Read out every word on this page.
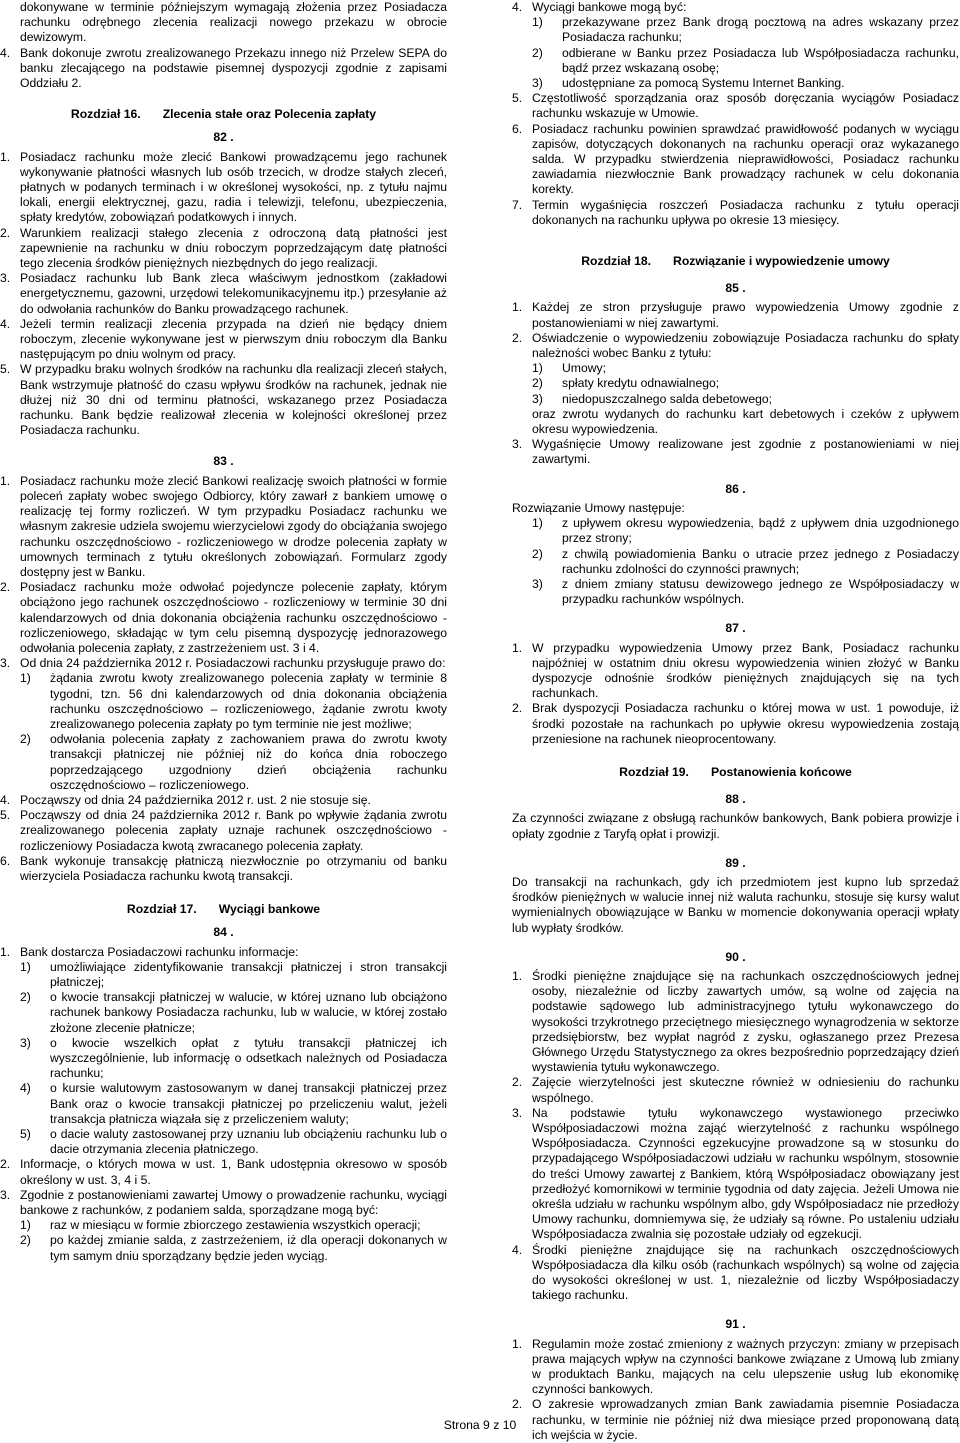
dokonywane w terminie późniejszym wymagają złożenia przez Posiadacza rachunku odrębnego zlecenia realizacji nowego przekazu w obrocie dewizowym.
4. Bank dokonuje zwrotu zrealizowanego Przekazu innego niż Przelew SEPA do banku zlecającego na podstawie pisemnej dyspozycji zgodnie z zapisami Oddziału 2.
Rozdział 16. Zlecenia stałe oraz Polecenia zapłaty
82 .
1. Posiadacz rachunku może zlecić Bankowi prowadzącemu jego rachunek wykonywanie płatności własnych lub osób trzecich, w drodze stałych zleceń, płatnych w podanych terminach i w określonej wysokości, np. z tytułu najmu lokali, energii elektrycznej, gazu, radia i telewizji, telefonu, ubezpieczenia, spłaty kredytów, zobowiązań podatkowych i innych.
2. Warunkiem realizacji stałego zlecenia z odroczoną datą płatności jest zapewnienie na rachunku w dniu roboczym poprzedzającym datę płatności tego zlecenia środków pieniężnych niezbędnych do jego realizacji.
3. Posiadacz rachunku lub Bank zleca właściwym jednostkom (zakładowi energetycznemu, gazowni, urzędowi telekomunikacyjnemu itp.) przesyłanie aż do odwołania rachunków do Banku prowadzącego rachunek.
4. Jeżeli termin realizacji zlecenia przypada na dzień nie będący dniem roboczym, zlecenie wykonywane jest w pierwszym dniu roboczym dla Banku następującym po dniu wolnym od pracy.
5. W przypadku braku wolnych środków na rachunku dla realizacji zleceń stałych, Bank wstrzymuje płatność do czasu wpływu środków na rachunek, jednak nie dłużej niż 30 dni od terminu płatności, wskazanego przez Posiadacza rachunku. Bank będzie realizował zlecenia w kolejności określonej przez Posiadacza rachunku.
83 .
1. Posiadacz rachunku może zlecić Bankowi realizację swoich płatności w formie poleceń zapłaty wobec swojego Odbiorcy, który zawarł z bankiem umowę o realizację tej formy rozliczeń. W tym przypadku Posiadacz rachunku we własnym zakresie udziela swojemu wierzycielowi zgody do obciążania swojego rachunku oszczędnościowo - rozliczeniowego w drodze polecenia zapłaty w umownych terminach z tytułu określonych zobowiązań. Formularz zgody dostępny jest w Banku.
2. Posiadacz rachunku może odwołać pojedyncze polecenie zapłaty, którym obciążono jego rachunek oszczędnościowo - rozliczeniowy w terminie 30 dni kalendarzowych od dnia dokonania obciążenia rachunku oszczędnościowo - rozliczeniowego, składając w tym celu pisemną dyspozycję jednorazowego odwołania polecenia zapłaty, z zastrzeżeniem ust. 3 i 4.
3. Od dnia 24 października 2012 r. Posiadaczowi rachunku przysługuje prawo do:
1)	żądania zwrotu kwoty zrealizowanego polecenia zapłaty w terminie 8 tygodni, tzn. 56 dni kalendarzowych od dnia dokonania obciążenia rachunku oszczędnościowo – rozliczeniowego, żądanie zwrotu kwoty zrealizowanego polecenia zapłaty po tym terminie nie jest możliwe;
2)	odwołania polecenia zapłaty z zachowaniem prawa do zwrotu kwoty transakcji płatniczej nie później niż do końca dnia roboczego poprzedzającego uzgodniony dzień obciążenia rachunku oszczędnościowo – rozliczeniowego.
4. Począwszy od dnia 24 października 2012 r. ust. 2 nie stosuje się.
5. Począwszy od dnia 24 października 2012 r. Bank po wpływie żądania zwrotu zrealizowanego polecenia zapłaty uznaje rachunek oszczędnościowo - rozliczeniowy Posiadacza kwotą zwracanego polecenia zapłaty.
6. Bank wykonuje transakcję płatniczą niezwłocznie po otrzymaniu od banku wierzyciela Posiadacza rachunku kwotą transakcji.
Rozdział 17. Wyciągi bankowe
84 .
1. Bank dostarcza Posiadaczowi rachunku informacje:
1)	umożliwiające zidentyfikowanie transakcji płatniczej i stron transakcji płatniczej;
2)	o kwocie transakcji płatniczej w walucie, w której uznano lub obciążono rachunek bankowy Posiadacza rachunku, lub w walucie, w której zostało złożone zlecenie płatnicze;
3)	o kwocie wszelkich opłat z tytułu transakcji płatniczej ich wyszczególnienie, lub informację o odsetkach należnych od Posiadacza rachunku;
4)	o kursie walutowym zastosowanym w danej transakcji płatniczej przez Bank oraz o kwocie transakcji płatniczej po przeliczeniu walut, jeżeli transakcja płatnicza wiązała się z przeliczeniem waluty;
5)	o dacie waluty zastosowanej przy uznaniu lub obciążeniu rachunku lub o dacie otrzymania zlecenia płatniczego.
2. Informacje, o których mowa w ust. 1, Bank udostępnia okresowo w sposób określony w ust. 3, 4 i 5.
3. Zgodnie z postanowieniami zawartej Umowy o prowadzenie rachunku, wyciągi bankowe z rachunków, z podaniem salda, sporządzane mogą być:
1)	raz w miesiącu w formie zbiorczego zestawienia wszystkich operacji;
2)	po każdej zmianie salda, z zastrzeżeniem, iż dla operacji dokonanych w tym samym dniu sporządzany będzie jeden wyciąg.
4. Wyciągi bankowe mogą być:
1)	przekazywane przez Bank drogą pocztową na adres wskazany przez Posiadacza rachunku;
2)	odbierane w Banku przez Posiadacza lub Współposiadacza rachunku, bądź przez wskazaną osobę;
3)	udostępniane za pomocą Systemu Internet Banking.
5. Częstotliwość sporządzania oraz sposób doręczania wyciągów Posiadacz rachunku wskazuje w Umowie.
6. Posiadacz rachunku powinien sprawdzać prawidłowość podanych w wyciągu zapisów, dotyczących dokonanych na rachunku operacji oraz wykazanego salda. W przypadku stwierdzenia nieprawidłowości, Posiadacz rachunku zawiadamia niezwłocznie Bank prowadzący rachunek w celu dokonania korekty.
7. Termin wygaśnięcia roszczeń Posiadacza rachunku z tytułu operacji dokonanych na rachunku upływa po okresie 13 miesięcy.
Rozdział 18. Rozwiązanie i wypowiedzenie umowy
85 .
1. Każdej ze stron przysługuje prawo wypowiedzenia Umowy zgodnie z postanowieniami w niej zawartymi.
2. Oświadczenie o wypowiedzeniu zobowiązuje Posiadacza rachunku do spłaty należności wobec Banku z tytułu:
1)	Umowy;
2)	spłaty kredytu odnawialnego;
3)	niedopuszczalnego salda debetowego;
oraz zwrotu wydanych do rachunku kart debetowych i czeków z upływem okresu wypowiedzenia.
3. Wygaśnięcie Umowy realizowane jest zgodnie z postanowieniami w niej zawartymi.
86 .
Rozwiązanie Umowy następuje:
1)	z upływem okresu wypowiedzenia, bądź z upływem dnia uzgodnionego przez strony;
2)	z chwilą powiadomienia Banku o utracie przez jednego z Posiadaczy rachunku zdolności do czynności prawnych;
3)	z dniem zmiany statusu dewizowego jednego ze Współposiadaczy w przypadku rachunków wspólnych.
87 .
1. W przypadku wypowiedzenia Umowy przez Bank, Posiadacz rachunku najpóźniej w ostatnim dniu okresu wypowiedzenia winien złożyć w Banku dyspozycje odnośnie środków pieniężnych znajdujących się na tych rachunkach.
2. Brak dyspozycji Posiadacza rachunku o której mowa w ust. 1 powoduje, iż środki pozostałe na rachunkach po upływie okresu wypowiedzenia zostają przeniesione na rachunek nieoprocentowany.
Rozdział 19. Postanowienia końcowe
88 .
Za czynności związane z obsługą rachunków bankowych, Bank pobiera prowizje i opłaty zgodnie z Taryfą opłat i prowizji.
89 .
Do transakcji na rachunkach, gdy ich przedmiotem jest kupno lub sprzedaż środków pieniężnych w walucie innej niż waluta rachunku, stosuje się kursy walut wymienialnych obowiązujące w Banku w momencie dokonywania operacji wpłaty lub wypłaty środków.
90 .
1. Środki pieniężne znajdujące się na rachunkach oszczędnościowych jednej osoby, niezależnie od liczby zawartych umów, są wolne od zajęcia na podstawie sądowego lub administracyjnego tytułu wykonawczego do wysokości trzykrotnego przeciętnego miesięcznego wynagrodzenia w sektorze przedsiębiorstw, bez wypłat nagród z zysku, ogłaszanego przez Prezesa Głównego Urzędu Statystycznego za okres bezpośrednio poprzedzający dzień wystawienia tytułu wykonawczego.
2. Zajęcie wierzytelności jest skuteczne również w odniesieniu do rachunku wspólnego.
3. Na podstawie tytułu wykonawczego wystawionego przeciwko Współposiadaczowi można zająć wierzytelność z rachunku wspólnego Współposiadacza. Czynności egzekucyjne prowadzone są w stosunku do przypadającego Współposiadaczowi udziału w rachunku wspólnym, stosownie do treści Umowy zawartej z Bankiem, którą Współposiadacz obowiązany jest przedłożyć komornikowi w terminie tygodnia od daty zajęcia. Jeżeli Umowa nie określa udziału w rachunku wspólnym albo, gdy Współposiadacz nie przedłoży Umowy rachunku, domniemywa się, że udziały są równe. Po ustaleniu udziału Współposiadacza zwalnia się pozostałe udziały od egzekucji.
4. Środki pieniężne znajdujące się na rachunkach oszczędnościowych Współposiadacza dla kilku osób (rachunkach wspólnych) są wolne od zajęcia do wysokości określonej w ust. 1, niezależnie od liczby Współposiadaczy takiego rachunku.
91 .
1. Regulamin może zostać zmieniony z ważnych przyczyn: zmiany w przepisach prawa mających wpływ na czynności bankowe związane z Umową lub zmiany w produktach Banku, mających na celu ulepszenie usług lub ekonomikę czynności bankowych.
2. O zakresie wprowadzanych zmian Bank zawiadamia pisemnie Posiadacza rachunku, w terminie nie później niż dwa miesiące przed proponowaną datą ich wejścia w życie.
Strona 9 z 10
